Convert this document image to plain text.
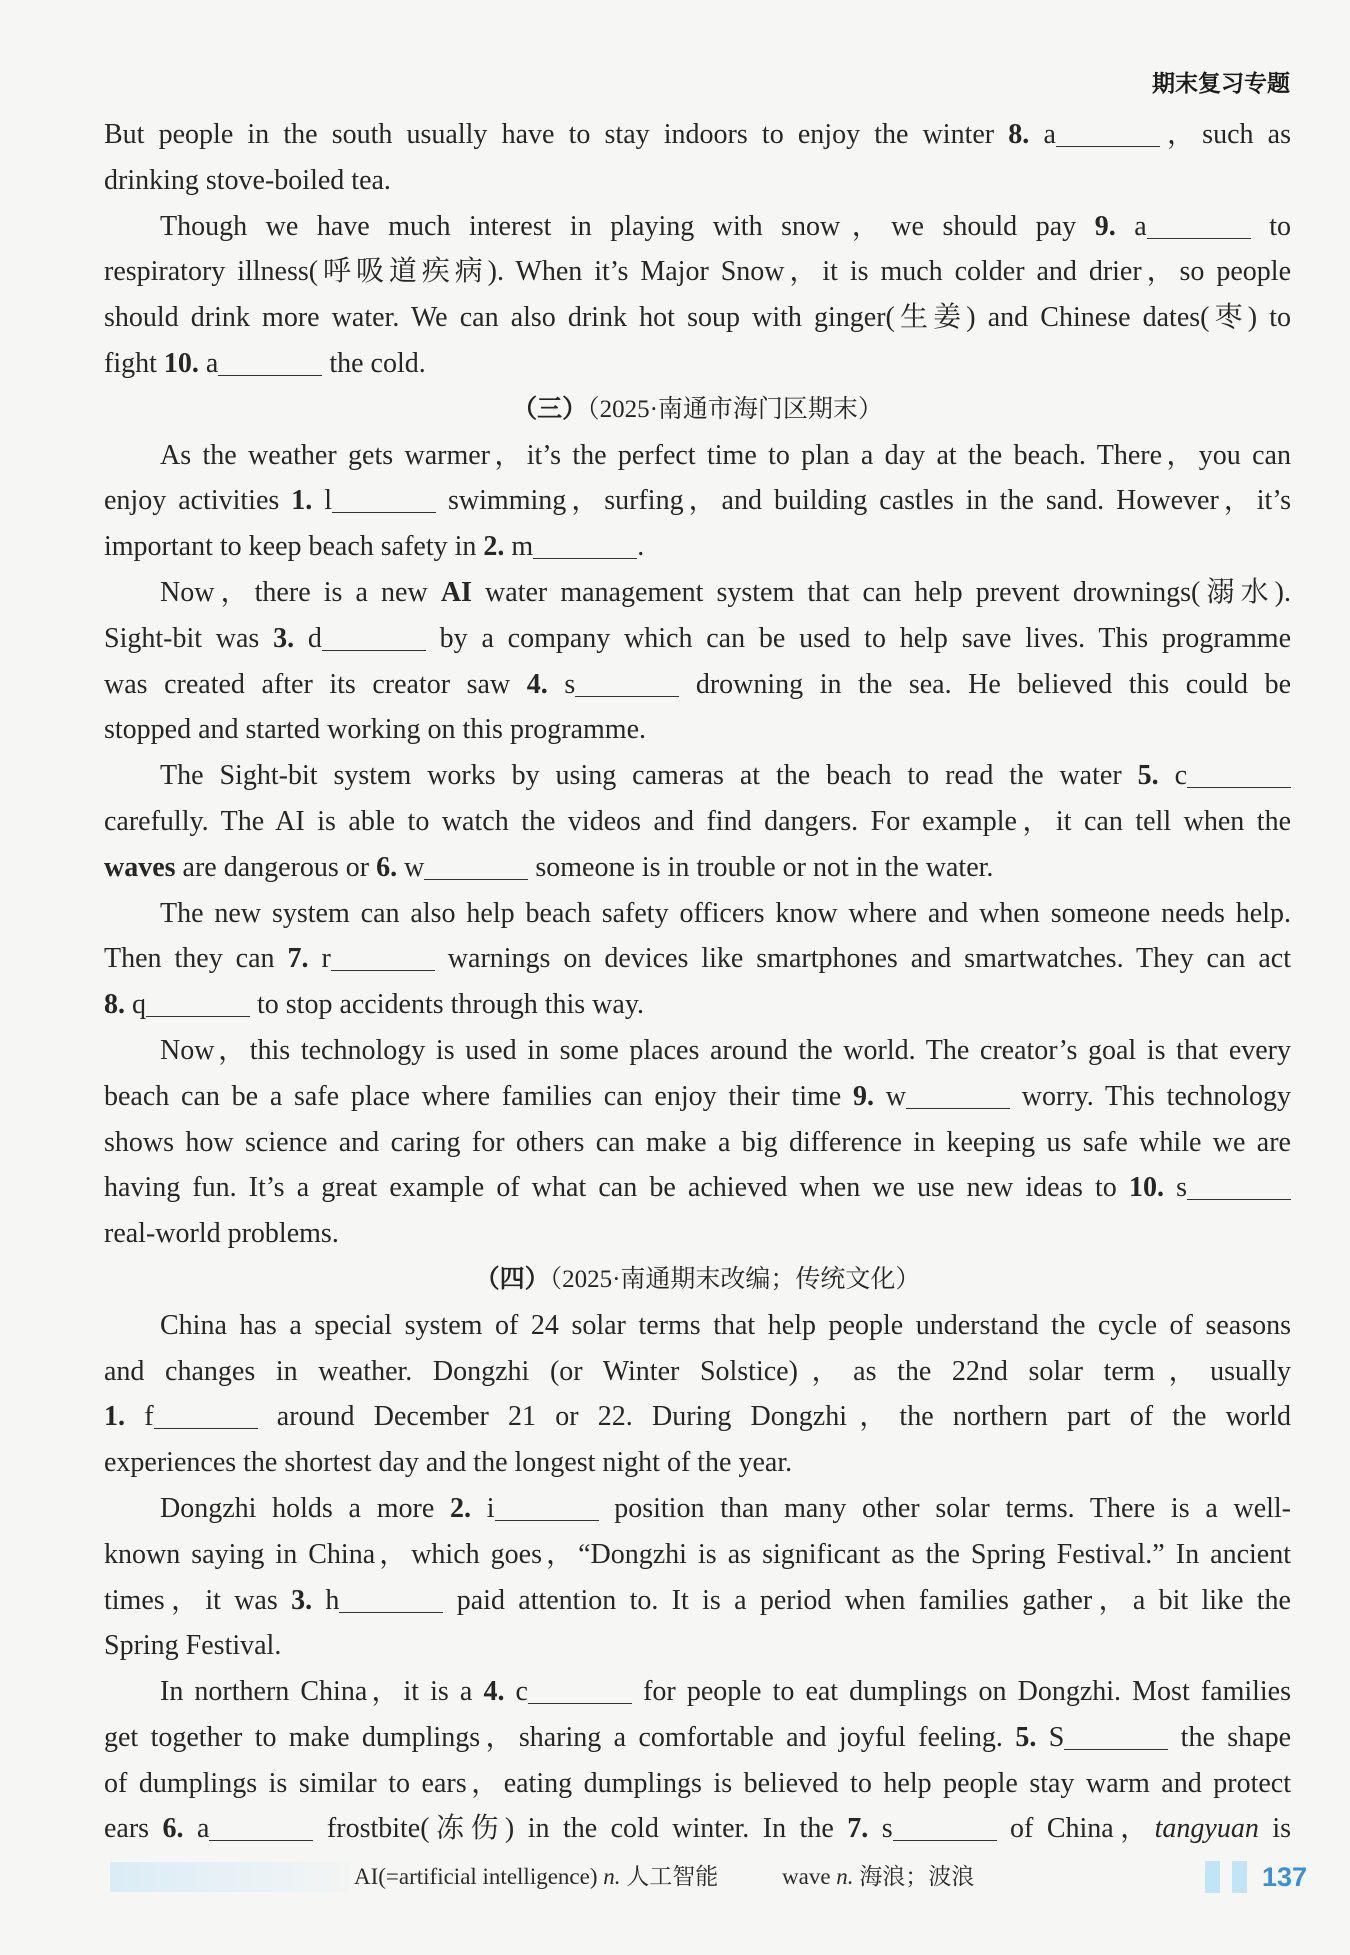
期末复习专题
But people in the south usually have to stay indoors to enjoy the winter 8. a	，such as
drinking stove-boiled tea.
Though we have much interest in playing with snow，we should pay 9. a	to
respiratory illness(呼吸道疾病). When it’s Major Snow，it is much colder and drier，so people
should drink more water. We can also drink hot soup with ginger(生姜) and Chinese dates(枣) to
fight 10. a	the cold.
（三）（2025·南通市海门区期末）
As the weather gets warmer，it’s the perfect time to plan a day at the beach. There，you can
enjoy activities 1. l	swimming，surfing，and building castles in the sand. However，it’s
important to keep beach safety in 2. m	.
Now，there is a new AI water management system that can help prevent drownings(溺水).
Sight-bit was 3. d	by a company which can be used to help save lives. This programme
was created after its creator saw 4. s	drowning in the sea. He believed this could be
stopped and started working on this programme.
The Sight-bit system works by using cameras at the beach to read the water 5. c
carefully. The AI is able to watch the videos and find dangers. For example，it can tell when the
waves are dangerous or 6. w	someone is in trouble or not in the water.
The new system can also help beach safety officers know where and when someone needs help.
Then they can 7. r	warnings on devices like smartphones and smartwatches. They can act
8. q	to stop accidents through this way.
Now，this technology is used in some places around the world. The creator’s goal is that every
beach can be a safe place where families can enjoy their time 9. w	worry. This technology
shows how science and caring for others can make a big difference in keeping us safe while we are
having fun. It’s a great example of what can be achieved when we use new ideas to 10. s
real-world problems.
（四）（2025·南通期末改编；传统文化）
China has a special system of 24 solar terms that help people understand the cycle of seasons
and changes in weather. Dongzhi (or Winter Solstice)，as the 22nd solar term，usually
1. f	around December 21 or 22. During Dongzhi，the northern part of the world
experiences the shortest day and the longest night of the year.
Dongzhi holds a more 2. i	position than many other solar terms. There is a well-
known saying in China，which goes，“Dongzhi is as significant as the Spring Festival.” In ancient
times，it was 3. h	paid attention to. It is a period when families gather，a bit like the
Spring Festival.
In northern China，it is a 4. c	for people to eat dumplings on Dongzhi. Most families
get together to make dumplings，sharing a comfortable and joyful feeling. 5. S	the shape
of dumplings is similar to ears，eating dumplings is believed to help people stay warm and protect
ears 6. a	frostbite(冻伤) in the cold winter. In the 7. s	of China，tangyuan is
AI(=artificial intelligence) n. 人工智能	wave n. 海浪；波浪	137
